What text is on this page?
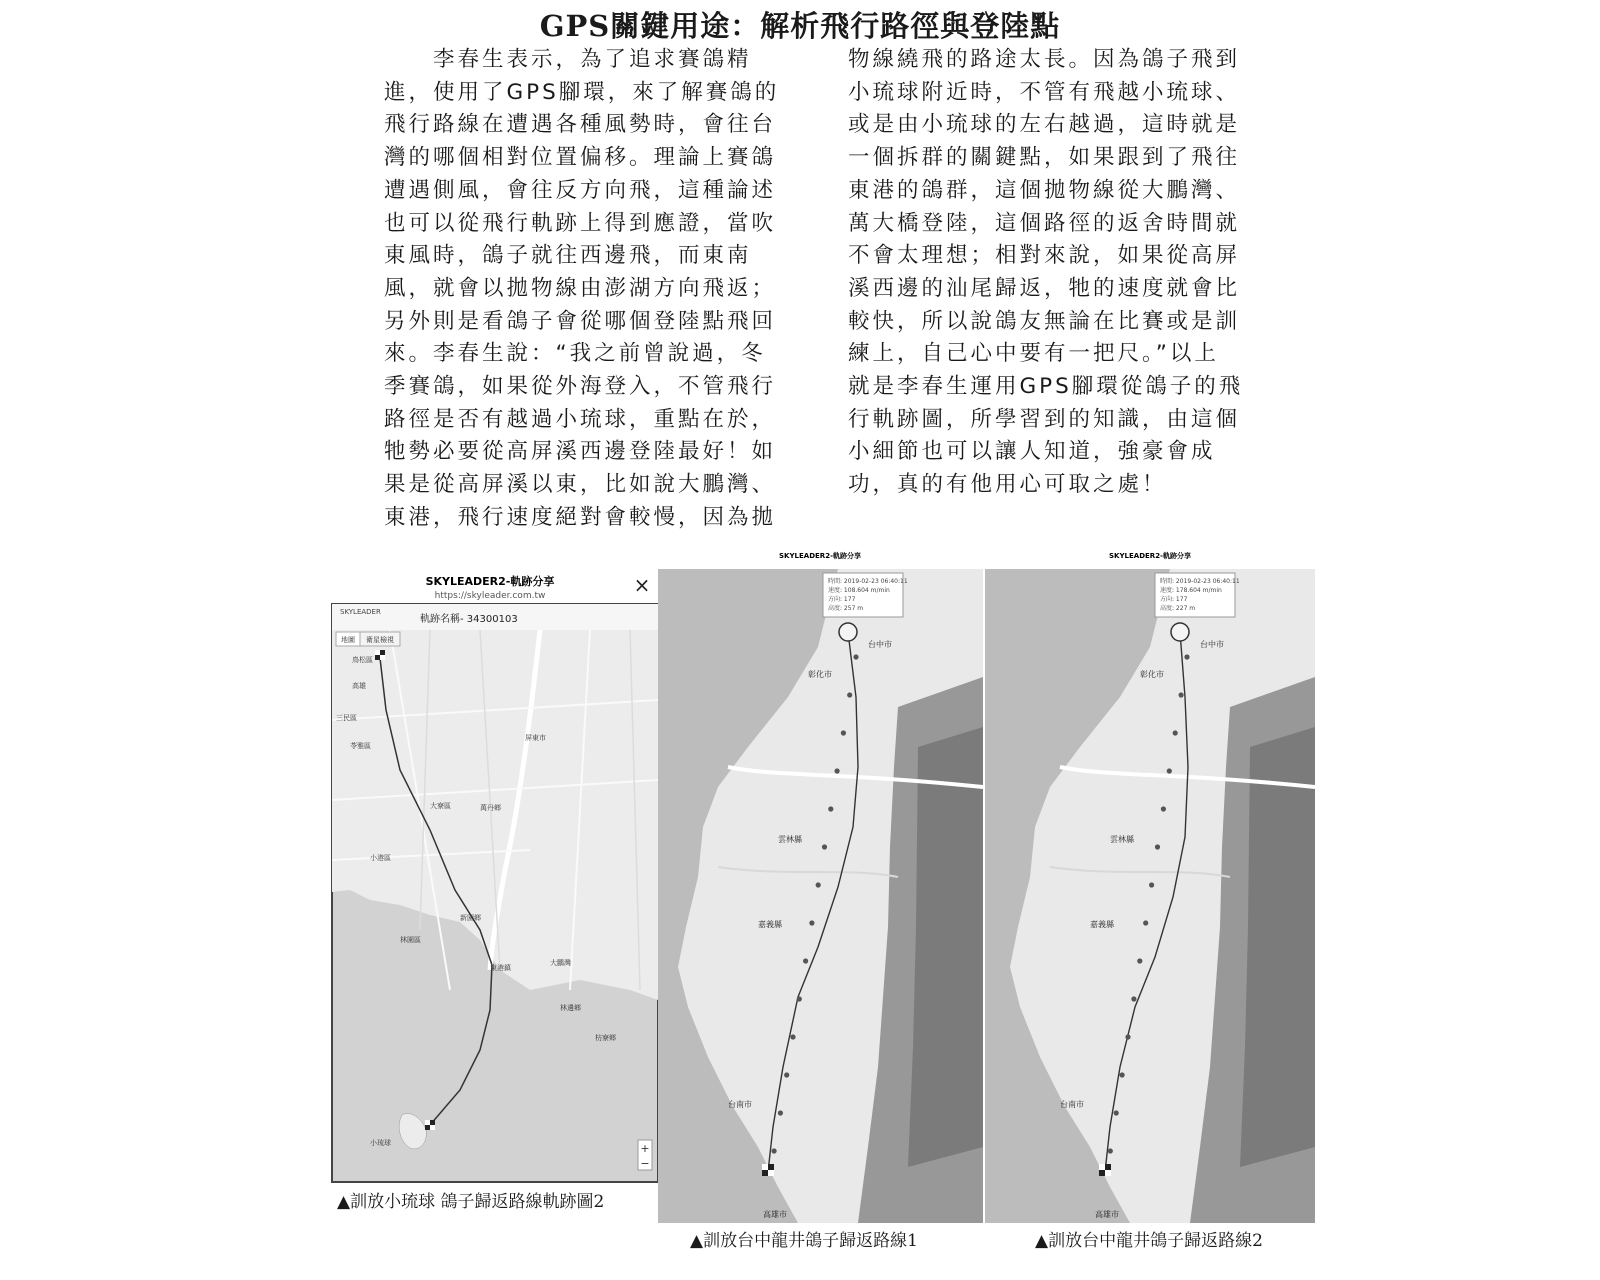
GPS關鍵用途：解析飛行路徑與登陸點

　　李春生表示，為了追求賽鴿精

進，使用了GPS腳環，來了解賽鴿的

飛行路線在遭遇各種風勢時，會往台

灣的哪個相對位置偏移。理論上賽鴿

遭遇側風，會往反方向飛，這種論述

也可以從飛行軌跡上得到應證，當吹

東風時，鴿子就往西邊飛，而東南

風，就會以拋物線由澎湖方向飛返；

另外則是看鴿子會從哪個登陸點飛回

來。李春生說：“我之前曾說過，冬

季賽鴿，如果從外海登入，不管飛行

路徑是否有越過小琉球，重點在於，

牠勢必要從高屏溪西邊登陸最好！如

果是從高屏溪以東，比如說大鵬灣、

東港，飛行速度絕對會較慢，因為拋

物線繞飛的路途太長。因為鴿子飛到

小琉球附近時，不管有飛越小琉球、

或是由小琉球的左右越過，這時就是

一個拆群的關鍵點，如果跟到了飛往

東港的鴿群，這個拋物線從大鵬灣、

萬大橋登陸，這個路徑的返舍時間就

不會太理想；相對來說，如果從高屏

溪西邊的汕尾歸返，牠的速度就會比

較快，所以說鴿友無論在比賽或是訓

練上，自己心中要有一把尺。”以上

就是李春生運用GPS腳環從鴿子的飛

行軌跡圖，所學習到的知識，由這個

小細節也可以讓人知道，強豪會成

功，真的有他用心可取之處！

SKYLEADER2-軌跡分享
https://skyleader.com.tw	×
SKYLEADER
軌跡名稱- 34300103
地圖 衛星檢視
鳥松區
高雄
三民區
苓雅區
大寮區
小港區
林園區
新園鄉
萬丹鄉
屏東市
東港鎮
大鵬灣
林邊鄉
小琉球
枋寮鄉
+
−
▲訓放小琉球 鴿子歸返路線軌跡圖2
SKYLEADER2-軌跡分享
時間: 2019-02-23 06:40:11
速度: 108.604 m/min
方向: 177
高度: 257 m
台中市
彰化市
雲林縣
嘉義縣
台南市
高雄市
▲訓放台中龍井鴿子歸返路線1
SKYLEADER2-軌跡分享
時間: 2019-02-23 06:40:11
速度: 178.604 m/min
方向: 177
高度: 227 m
台中市
彰化市
雲林縣
嘉義縣
台南市
高雄市
▲訓放台中龍井鴿子歸返路線2
